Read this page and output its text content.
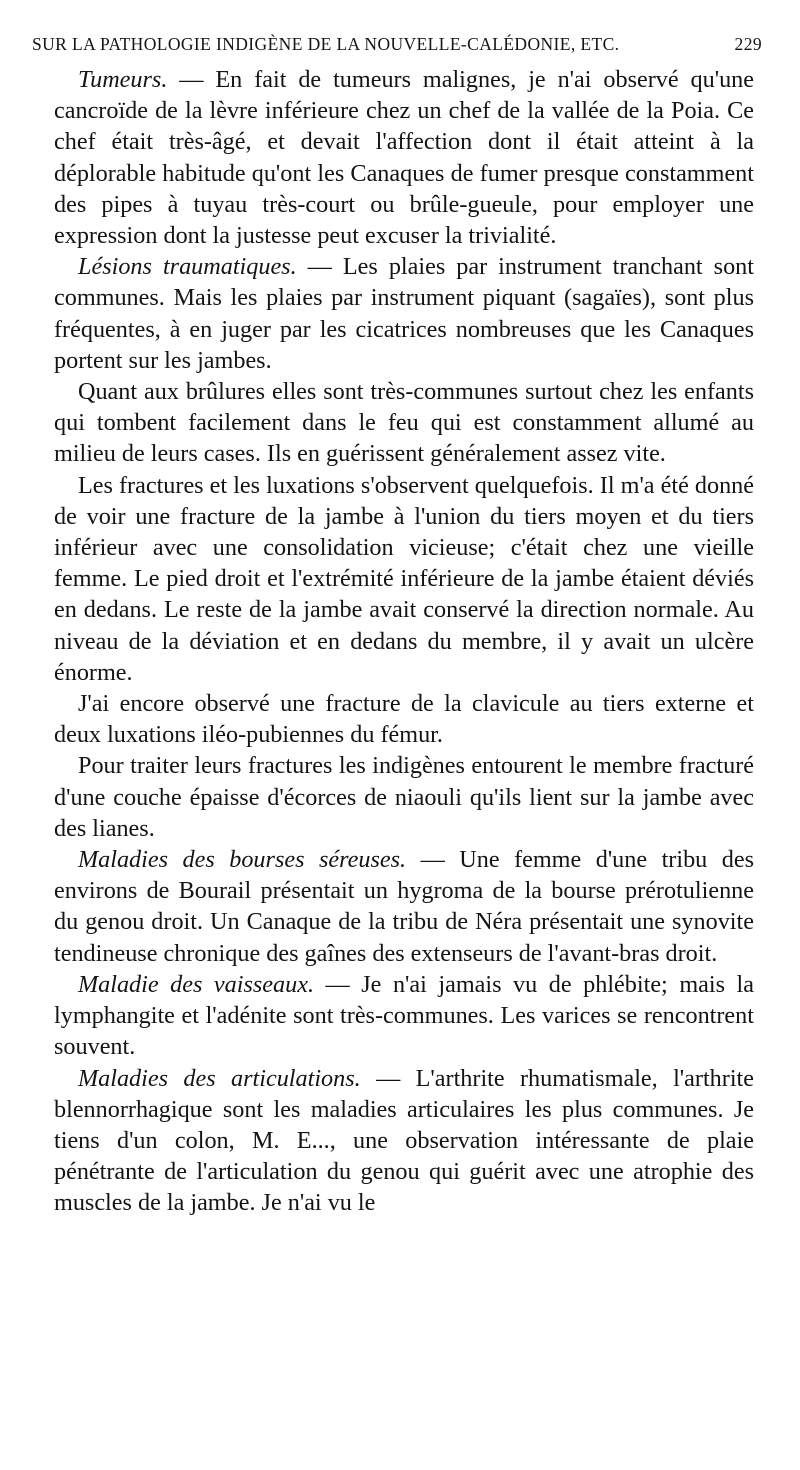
SUR LA PATHOLOGIE INDIGÈNE DE LA NOUVELLE-CALÉDONIE, ETC.	229

Tumeurs. — En fait de tumeurs malignes, je n'ai observé qu'une cancroïde de la lèvre inférieure chez un chef de la vallée de la Poia. Ce chef était très-âgé, et devait l'affection dont il était atteint à la déplorable habitude qu'ont les Canaques de fumer presque constamment des pipes à tuyau très-court ou brûle-gueule, pour employer une expression dont la justesse peut excuser la trivialité.

Lésions traumatiques. — Les plaies par instrument tranchant sont communes. Mais les plaies par instrument piquant (sagaïes), sont plus fréquentes, à en juger par les cicatrices nombreuses que les Canaques portent sur les jambes.

Quant aux brûlures elles sont très-communes surtout chez les enfants qui tombent facilement dans le feu qui est constamment allumé au milieu de leurs cases. Ils en guérissent généralement assez vite.

Les fractures et les luxations s'observent quelquefois. Il m'a été donné de voir une fracture de la jambe à l'union du tiers moyen et du tiers inférieur avec une consolidation vicieuse; c'était chez une vieille femme. Le pied droit et l'extrémité inférieure de la jambe étaient déviés en dedans. Le reste de la jambe avait conservé la direction normale. Au niveau de la déviation et en dedans du membre, il y avait un ulcère énorme.

J'ai encore observé une fracture de la clavicule au tiers externe et deux luxations iléo-pubiennes du fémur.

Pour traiter leurs fractures les indigènes entourent le membre fracturé d'une couche épaisse d'écorces de niaouli qu'ils lient sur la jambe avec des lianes.

Maladies des bourses séreuses. — Une femme d'une tribu des environs de Bourail présentait un hygroma de la bourse prérotulienne du genou droit. Un Canaque de la tribu de Néra présentait une synovite tendineuse chronique des gaînes des extenseurs de l'avant-bras droit.

Maladie des vaisseaux. — Je n'ai jamais vu de phlébite; mais la lymphangite et l'adénite sont très-communes. Les varices se rencontrent souvent.

Maladies des articulations. — L'arthrite rhumatismale, l'arthrite blennorrhagique sont les maladies articulaires les plus communes. Je tiens d'un colon, M. E..., une observation intéressante de plaie pénétrante de l'articulation du genou qui guérit avec une atrophie des muscles de la jambe. Je n'ai vu le
